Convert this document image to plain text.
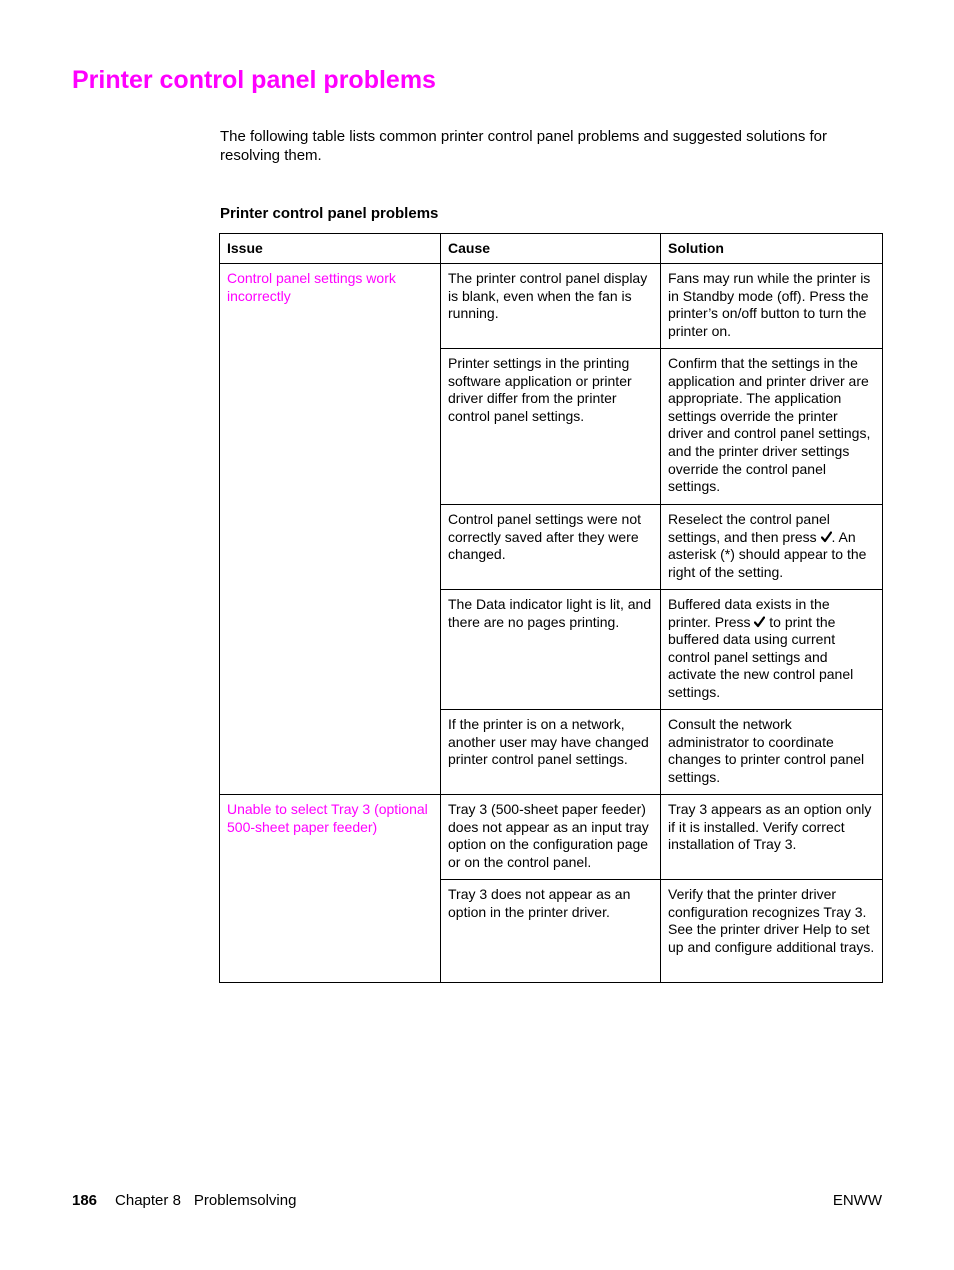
Printer control panel problems

The following table lists common printer control panel problems and suggested solutions for resolving them.

Printer control panel problems

Issue	Cause	Solution
Control panel settings work incorrectly	The printer control panel display is blank, even when the fan is running.	Fans may run while the printer is in Standby mode (off). Press the printer’s on/off button to turn the printer on.
	Printer settings in the printing software application or printer driver differ from the printer control panel settings.	Confirm that the settings in the application and printer driver are appropriate. The application settings override the printer driver and control panel settings, and the printer driver settings override the control panel settings.
	Control panel settings were not correctly saved after they were changed.	Reselect the control panel settings, and then press . An asterisk (*) should appear to the right of the setting.
	The Data indicator light is lit, and there are no pages printing.	Buffered data exists in the printer. Press  to print the buffered data using current control panel settings and activate the new control panel settings.
	If the printer is on a network, another user may have changed printer control panel settings.	Consult the network administrator to coordinate changes to printer control panel settings.
Unable to select Tray 3 (optional 500-sheet paper feeder)	Tray 3 (500-sheet paper feeder) does not appear as an input tray option on the configuration page or on the control panel.	Tray 3 appears as an option only if it is installed. Verify correct installation of Tray 3.
	Tray 3 does not appear as an option in the printer driver.	Verify that the printer driver configuration recognizes Tray 3. See the printer driver Help to set up and configure additional trays.
186 Chapter 8 Problemsolving	ENWW
